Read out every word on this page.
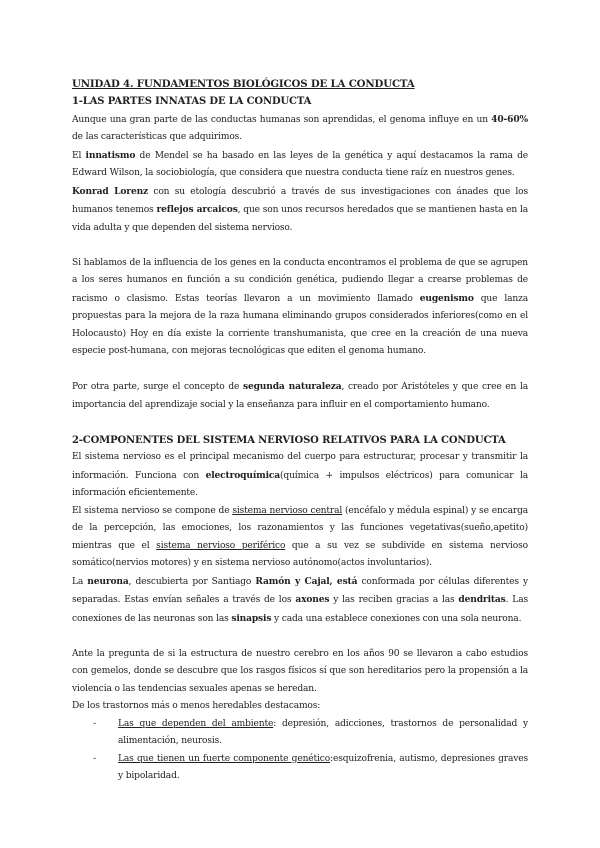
UNIDAD 4. FUNDAMENTOS BIOLÓGICOS DE LA CONDUCTA

1-LAS PARTES INNATAS DE LA CONDUCTA

Aunque una gran parte de las conductas humanas son aprendidas, el genoma influye en un 40-60% de las características que adquirimos.

El innatismo de Mendel se ha basado en las leyes de la genética y aquí destacamos la rama de Edward Wilson, la sociobiología, que considera que nuestra conducta tiene raíz en nuestros genes.

Konrad Lorenz con su etología descubrió a través de sus investigaciones con ánades que los humanos tenemos reflejos arcaicos, que son unos recursos heredados que se mantienen hasta en la vida adulta y que dependen del sistema nervioso.

Si hablamos de la influencia de los genes en la conducta encontramos el problema de que se agrupen a los seres humanos en función a su condición genética, pudiendo llegar a crearse problemas de racismo o clasismo. Estas teorías llevaron a un movimiento llamado eugenismo que lanza propuestas para la mejora de la raza humana eliminando grupos considerados inferiores(como en el Holocausto) Hoy en día existe la corriente transhumanista, que cree en la creación de una nueva especie post-humana, con mejoras tecnológicas que editen el genoma humano.

Por otra parte, surge el concepto de segunda naturaleza, creado por Aristóteles y que cree en la importancia del aprendizaje social y la enseñanza para influir en el comportamiento humano.

2-COMPONENTES DEL SISTEMA NERVIOSO RELATIVOS PARA LA CONDUCTA

El sistema nervioso es el principal mecanismo del cuerpo para estructurar, procesar y transmitir la información. Funciona con electroquímica(química + impulsos eléctricos) para comunicar la información eficientemente.

El sistema nervioso se compone de sistema nervioso central (encéfalo y médula espinal) y se encarga de la percepción, las emociones, los razonamientos y las funciones vegetativas(sueño,apetito) mientras que el sistema nervioso periférico que a su vez se subdivide en sistema nervioso somático(nervios motores) y en sistema nervioso autónomo(actos involuntarios).

La neurona, descubierta por Santiago Ramón y Cajal, está conformada por células diferentes y separadas. Estas envían señales a través de los axones y las reciben gracias a las dendritas. Las conexiones de las neuronas son las sinapsis y cada una establece conexiones con una sola neurona.

Ante la pregunta de si la estructura de nuestro cerebro en los años 90 se llevaron a cabo estudios con gemelos, donde se descubre que los rasgos físicos sí que son hereditarios pero la propensión a la violencia o las tendencias sexuales apenas se heredan.

De los trastornos más o menos heredables destacamos:

- Las que dependen del ambiente: depresión, adicciones, trastornos de personalidad y alimentación, neurosis.
- Las que tienen un fuerte componente genético:esquizofrenia, autismo, depresiones graves y bipolaridad.
